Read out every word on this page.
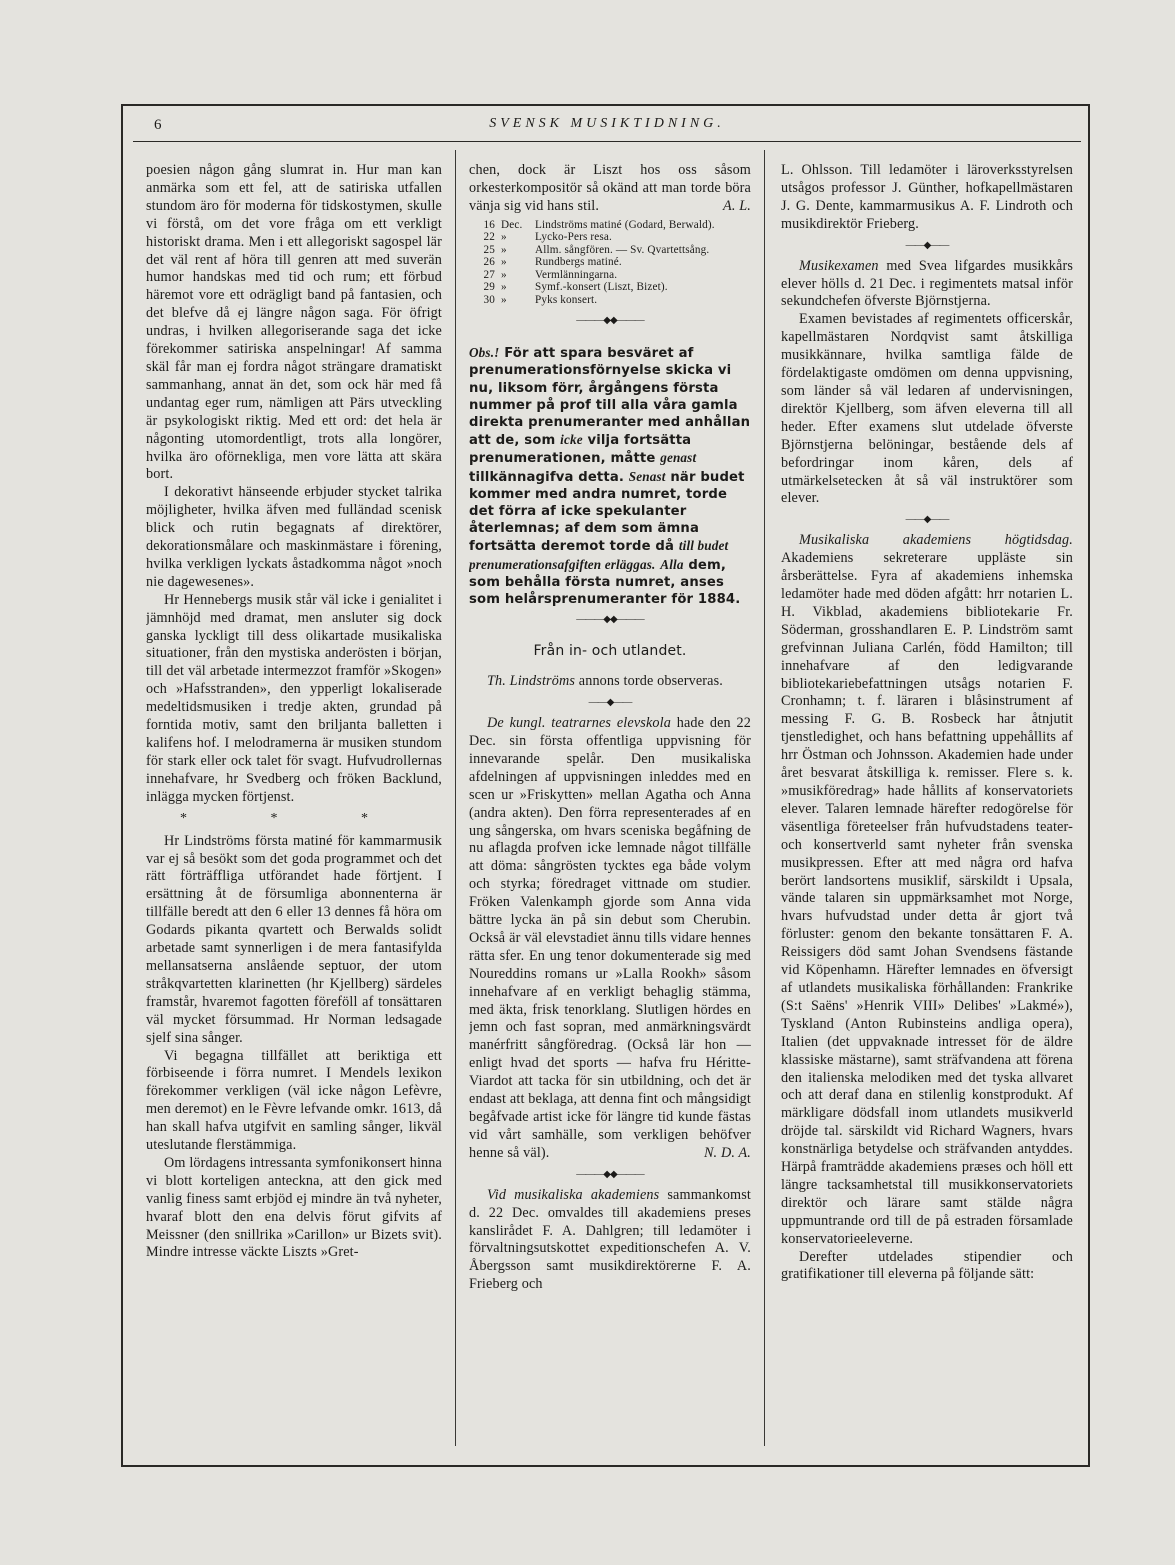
6	SVENSK MUSIKTIDNING.

poesien någon gång slumrat in. Hur man kan anmärka som ett fel, att de satiriska utfallen stundom äro för moderna för tidskostymen, skulle vi förstå, om det vore fråga om ett verkligt historiskt drama. Men i ett allegoriskt sagospel lär det väl rent af höra till genren att med suverän humor handskas med tid och rum; ett förbud häremot vore ett odrägligt band på fantasien, och det blefve då ej längre någon saga. För öfrigt undras, i hvilken allegoriserande saga det icke förekommer satiriska anspelningar! Af samma skäl får man ej fordra något strängare dramatiskt sammanhang, annat än det, som ock här med få undantag eger rum, nämligen att Pärs utveckling är psykologiskt riktig. Med ett ord: det hela är någonting utomordentligt, trots alla longörer, hvilka äro oförnekliga, men vore lätta att skära bort.

I dekorativt hänseende erbjuder stycket talrika möjligheter, hvilka äfven med fulländad scenisk blick och rutin begagnats af direktörer, dekorationsmålare och maskinmästare i förening, hvilka verkligen lyckats åstadkomma något »noch nie dagewesenes».

Hr Hennebergs musik står väl icke i genialitet i jämnhöjd med dramat, men ansluter sig dock ganska lyckligt till dess olikartade musikaliska situationer, från den mystiska anderösten i början, till det väl arbetade intermezzot framför »Skogen» och »Hafsstranden», den ypperligt lokaliserade medeltidsmusiken i tredje akten, grundad på forntida motiv, samt den briljanta balletten i kalifens hof. I melodramerna är musiken stundom för stark eller ock talet för svagt. Hufvudrollernas innehafvare, hr Svedberg och fröken Backlund, inlägga mycken förtjenst.

* * *

Hr Lindströms första matiné för kammarmusik var ej så besökt som det goda programmet och det rätt förträffliga utförandet hade förtjent. I ersättning åt de försumliga abonnenterna är tillfälle beredt att den 6 eller 13 dennes få höra om Godards pikanta qvartett och Berwalds solidt arbetade samt synnerligen i de mera fantasifylda mellansatserna anslående septuor, der utom stråkqvartetten klarinetten (hr Kjellberg) särdeles framstår, hvaremot fagotten föreföll af tonsättaren väl mycket försummad. Hr Norman ledsagade sjelf sina sånger.

Vi begagna tillfället att beriktiga ett förbiseende i förra numret. I Mendels lexikon förekommer verkligen (väl icke någon Lefèvre, men deremot) en le Fèvre lefvande omkr. 1613, då han skall hafva utgifvit en samling sånger, likväl uteslutande flerstämmiga.

Om lördagens intressanta symfonikonsert hinna vi blott korteligen anteckna, att den gick med vanlig finess samt erbjöd ej mindre än två nyheter, hvaraf blott den ena delvis förut gifvits af Meissner (den snillrika »Carillon» ur Bizets svit). Mindre intresse väckte Liszts »Gret-

chen, dock är Liszt hos oss såsom orkesterkompositör så okänd att man torde böra vänja sig vid hans stil.	A. L.

16 Dec.	Lindströms matiné (Godard, Berwald).
22 »	Lycko-Pers resa.
25 »	Allm. sångfören. — Sv. Qvartettsång.
26 »	Rundbergs matiné.
27 »	Vermlänningarna.
29 »	Symf.-konsert (Liszt, Bizet).
30 »	Pyks konsert.
———◆◆———

Obs.! För att spara besväret af prenumerationsförnyelse skicka vi nu, liksom förr, årgångens första nummer på prof till alla våra gamla direkta prenumeranter med anhållan att de, som icke vilja fortsätta prenumerationen, måtte genast tillkännagifva detta. Senast när budet kommer med andra numret, torde det förra af icke spekulanter återlemnas; af dem som ämna fortsätta deremot torde då till budet prenumerationsafgiften erläggas. Alla dem, som behålla första numret, anses som helårsprenumeranter för 1884.

———◆◆———
Från in- och utlandet.

Th. Lindströms annons torde observeras.

——◆——

De kungl. teatrarnes elevskola hade den 22 Dec. sin första offentliga uppvisning för innevarande spelår. Den musikaliska afdelningen af uppvisningen inleddes med en scen ur »Friskytten» mellan Agatha och Anna (andra akten). Den förra representerades af en ung sångerska, om hvars sceniska begåfning de nu aflagda profven icke lemnade något tillfälle att döma: sångrösten tycktes ega både volym och styrka; föredraget vittnade om studier. Fröken Valenkamph gjorde som Anna vida bättre lycka än på sin debut som Cherubin. Också är väl elevstadiet ännu tills vidare hennes rätta sfer. En ung tenor dokumenterade sig med Noureddins romans ur »Lalla Rookh» såsom innehafvare af en verkligt behaglig stämma, med äkta, frisk tenorklang. Slutligen hördes en jemn och fast sopran, med anmärkningsvärdt manérfritt sångföredrag. (Också lär hon — enligt hvad det sports — hafva fru Héritte-Viardot att tacka för sin utbildning, och det är endast att beklaga, att denna fint och mångsidigt begåfvade artist icke för längre tid kunde fästas vid vårt samhälle, som verkligen behöfver henne så väl).	N. D. A.

———◆◆———

Vid musikaliska akademiens sammankomst d. 22 Dec. omvaldes till akademiens preses kanslirådet F. A. Dahlgren; till ledamöter i förvaltningsutskottet expeditionschefen A. V. Åbergsson samt musikdirektörerne F. A. Frieberg och

L. Ohlsson. Till ledamöter i läroverksstyrelsen utsågos professor J. Günther, hofkapellmästaren J. G. Dente, kammarmusikus A. F. Lindroth och musikdirektör Frieberg.

——◆——

Musikexamen med Svea lifgardes musikkårs elever hölls d. 21 Dec. i regimentets matsal inför sekundchefen öfverste Björnstjerna.

Examen bevistades af regimentets officerskår, kapellmästaren Nordqvist samt åtskilliga musikkännare, hvilka samtliga fälde de fördelaktigaste omdömen om denna uppvisning, som länder så väl ledaren af undervisningen, direktör Kjellberg, som äfven eleverna till all heder. Efter examens slut utdelade öfverste Björnstjerna belöningar, bestående dels af befordringar inom kåren, dels af utmärkelsetecken åt så väl instruktörer som elever.

——◆——

Musikaliska akademiens högtidsdag. Akademiens sekreterare uppläste sin årsberättelse. Fyra af akademiens inhemska ledamöter hade med döden afgått: hrr notarien L. H. Vikblad, akademiens bibliotekarie Fr. Söderman, grosshandlaren E. P. Lindström samt grefvinnan Juliana Carlén, född Hamilton; till innehafvare af den ledigvarande bibliotekariebefattningen utsågs notarien F. Cronhamn; t. f. läraren i blåsinstrument af messing F. G. B. Rosbeck har åtnjutit tjenstledighet, och hans befattning uppehållits af hrr Östman och Johnsson. Akademien hade under året besvarat åtskilliga k. remisser. Flere s. k. »musikföredrag» hade hållits af konservatoriets elever. Talaren lemnade härefter redogörelse för väsentliga företeelser från hufvudstadens teater- och konsertverld samt nyheter från svenska musikpressen. Efter att med några ord hafva berört landsortens musiklif, särskildt i Upsala, vände talaren sin uppmärksamhet mot Norge, hvars hufvudstad under detta år gjort två förluster: genom den bekante tonsättaren F. A. Reissigers död samt Johan Svendsens fästande vid Köpenhamn. Härefter lemnades en öfversigt af utlandets musikaliska förhållanden: Frankrike (S:t Saëns' »Henrik VIII» Delibes' »Lakmé»), Tyskland (Anton Rubinsteins andliga opera), Italien (det uppvaknade intresset för de äldre klassiske mästarne), samt sträfvandena att förena den italienska melodiken med det tyska allvaret och att deraf dana en stilenlig konstprodukt. Af märkligare dödsfall inom utlandets musikverld dröjde tal. särskildt vid Richard Wagners, hvars konstnärliga betydelse och sträfvanden antyddes. Härpå framträdde akademiens præses och höll ett längre tacksamhetstal till musikkonservatoriets direktör och lärare samt stälde några uppmuntrande ord till de på estraden församlade konservatorieeleverne.

Derefter utdelades stipendier och gratifikationer till eleverna på följande sätt:
